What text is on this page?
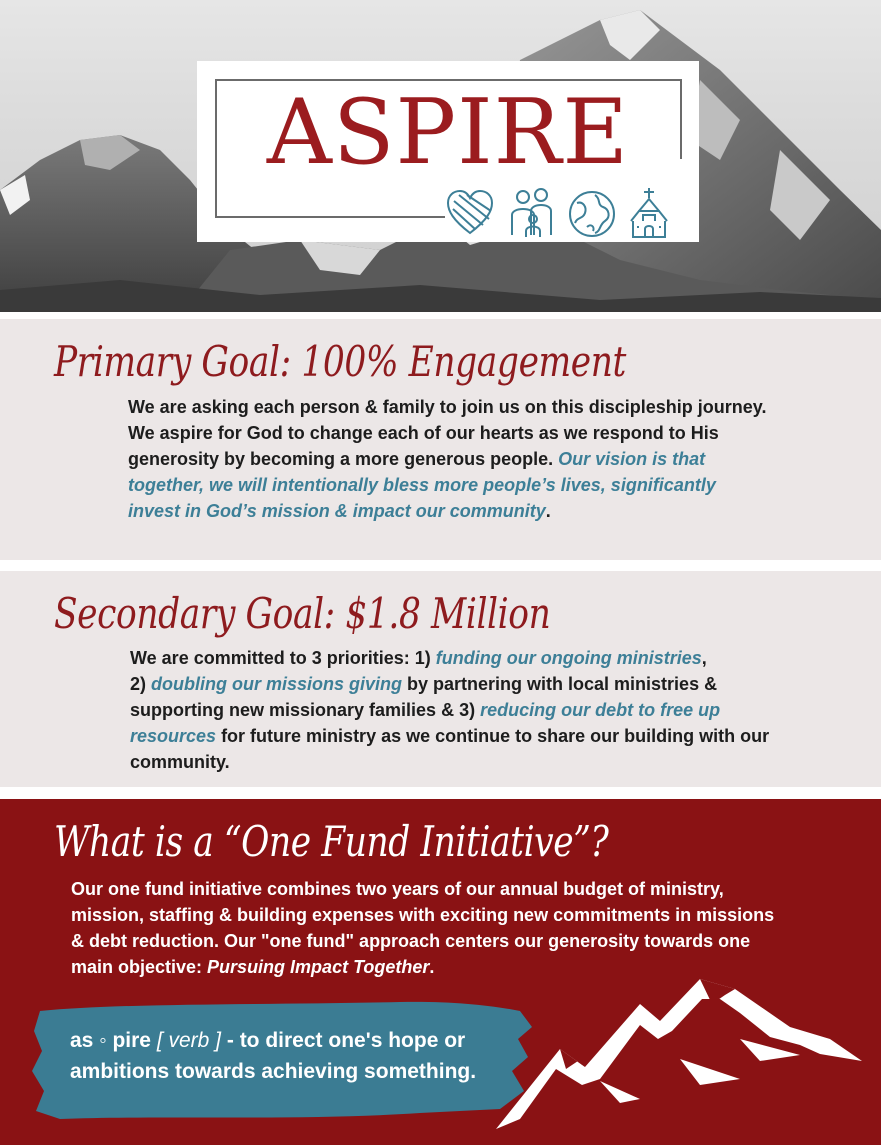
ASPIRE
Primary Goal: 100% Engagement
We are asking each person & family to join us on this discipleship journey.
We aspire for God to change each of our hearts as we respond to His
generosity by becoming a more generous people. Our vision is that
together, we will intentionally bless more people’s lives, significantly
invest in God’s mission & impact our community.
Secondary Goal: $1.8 Million
We are committed to 3 priorities: 1) funding our ongoing ministries,
2) doubling our missions giving by partnering with local ministries &
supporting new missionary families & 3) reducing our debt to free up
resources for future ministry as we continue to share our building with our
community.
What is a “One Fund Initiative”?
Our one fund initiative combines two years of our annual budget of ministry,
mission, staffing & building expenses with exciting new commitments in missions
& debt reduction. Our "one fund" approach centers our generosity towards one
main objective: Pursuing Impact Together.
as ◦ pire [ verb ] - to direct one's hope or
ambitions towards achieving something.
